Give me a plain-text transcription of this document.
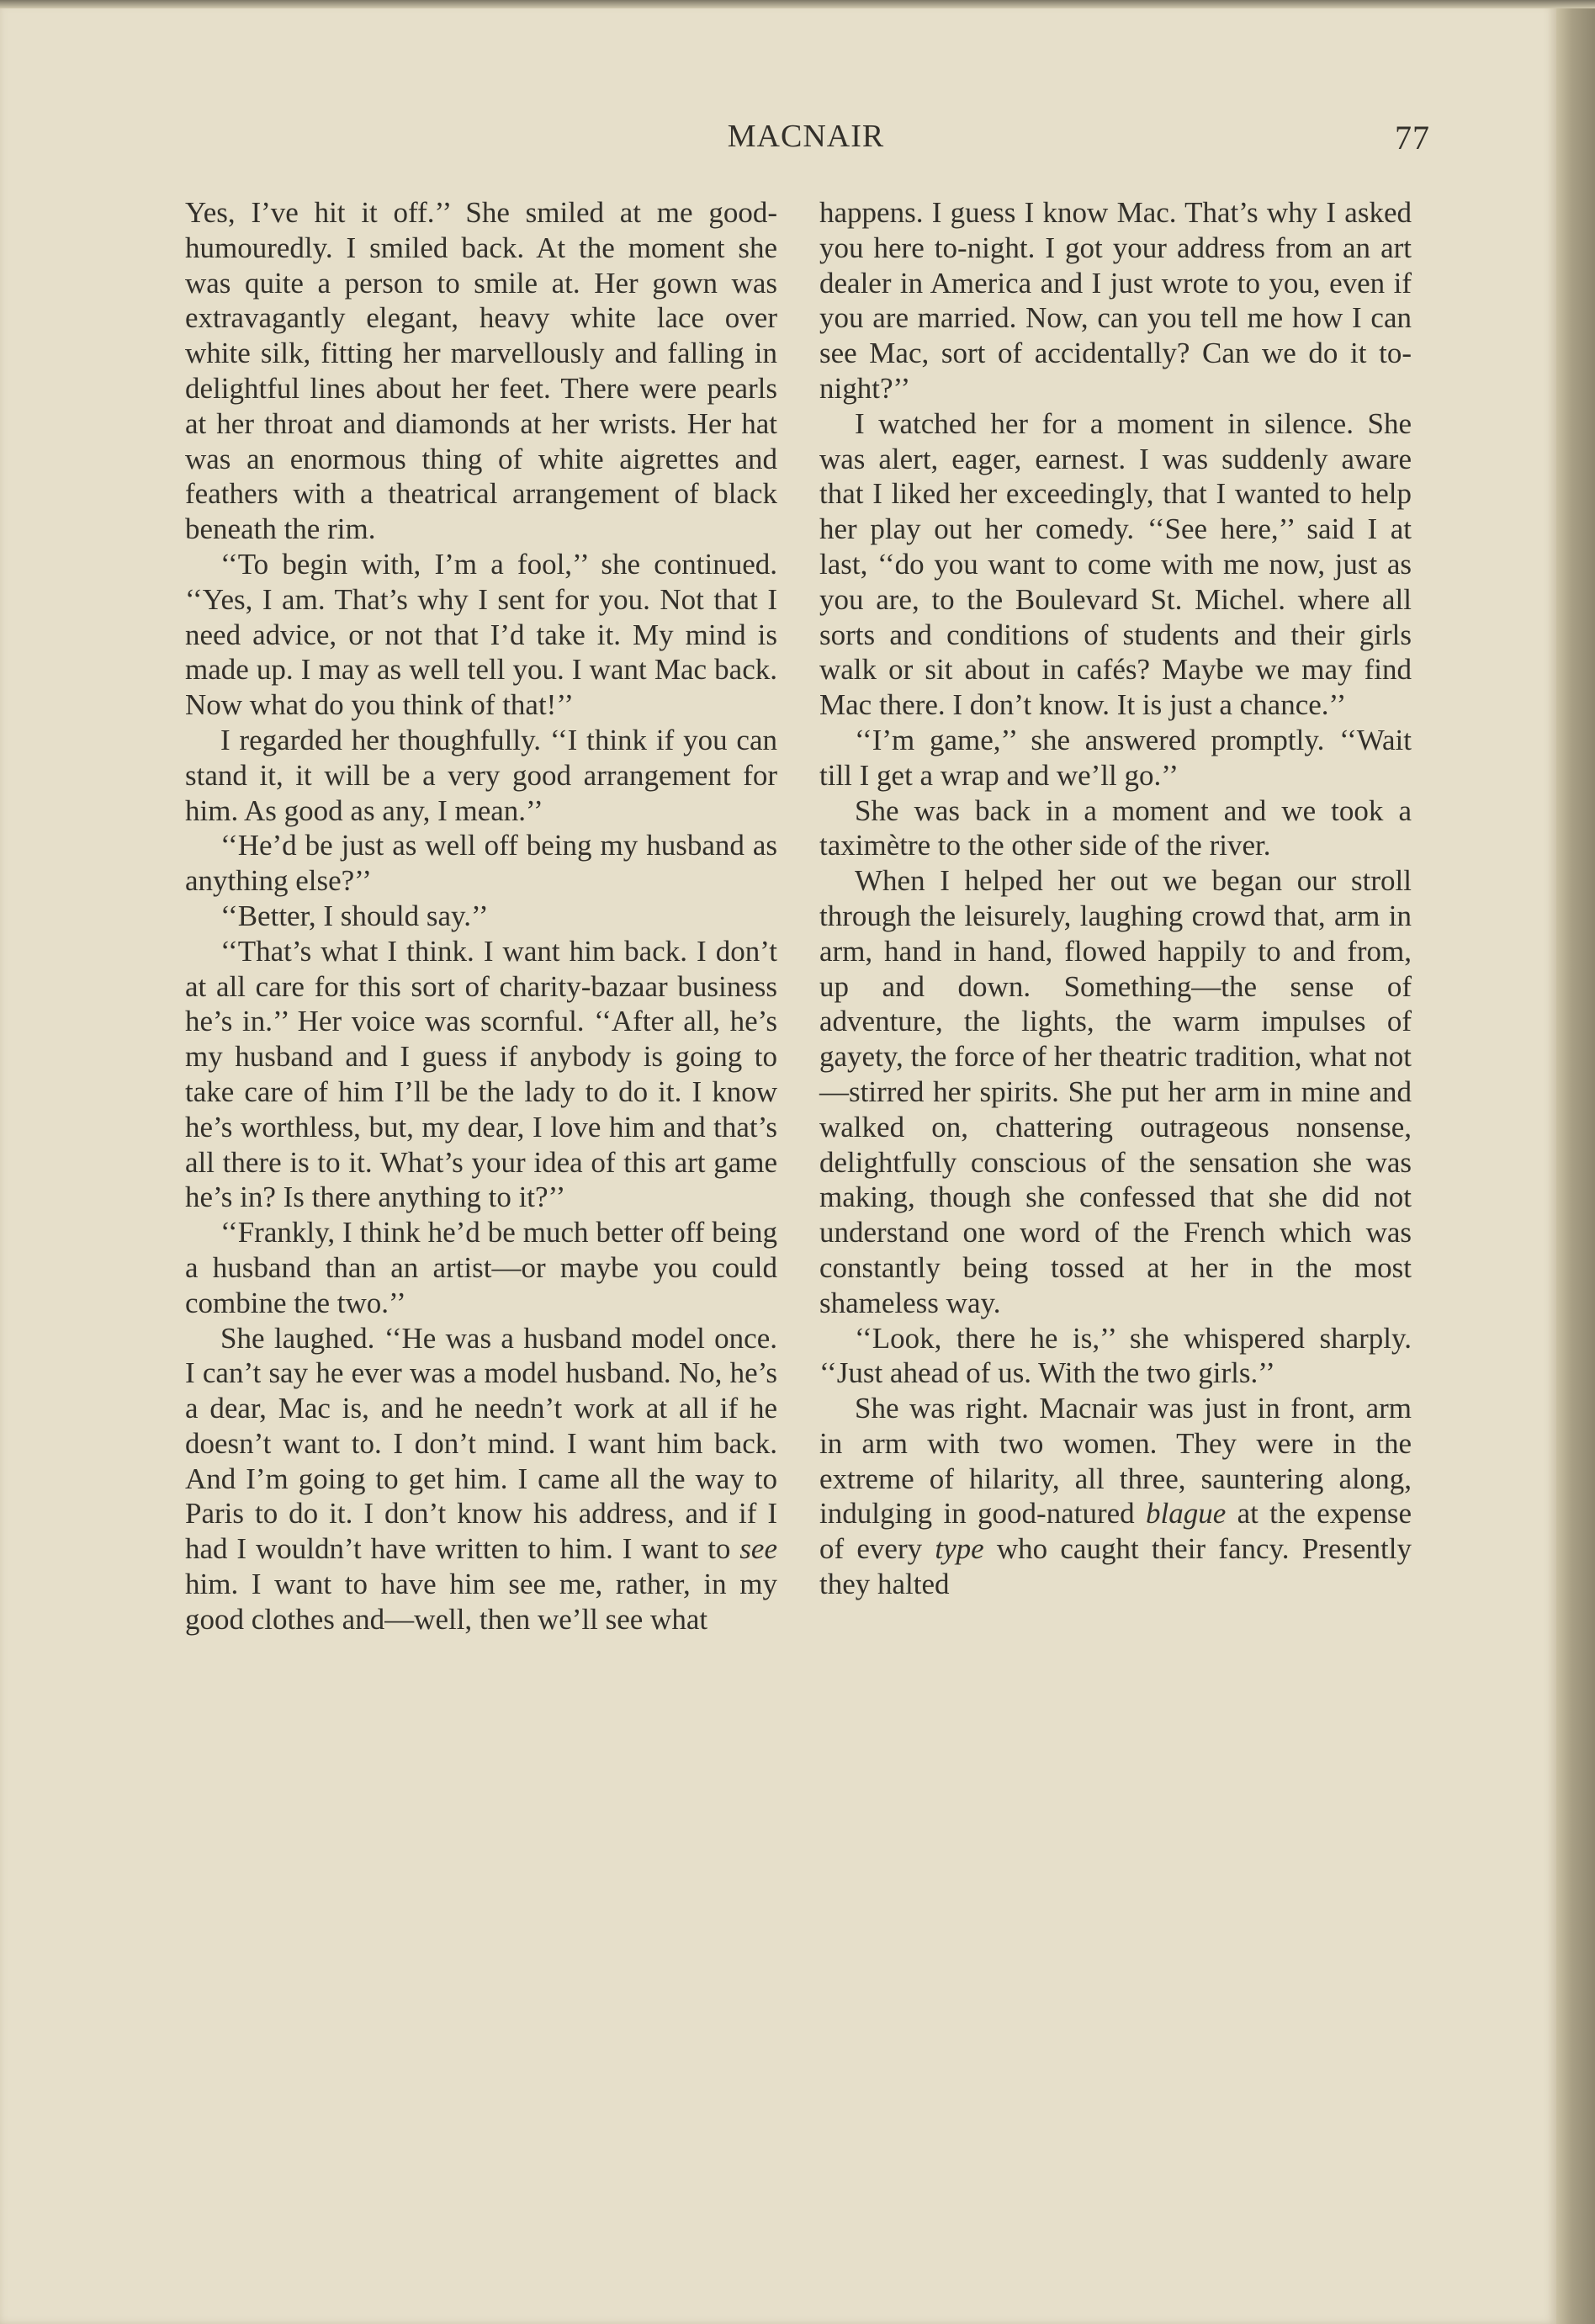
MACNAIR	77

Yes, I’ve hit it off.’’ She smiled at me good-humouredly. I smiled back. At the moment she was quite a person to smile at. Her gown was extravagantly elegant, heavy white lace over white silk, fitting her marvellously and falling in delightful lines about her feet. There were pearls at her throat and diamonds at her wrists. Her hat was an enormous thing of white aigrettes and feathers with a theatrical arrangement of black beneath the rim.

‘‘To begin with, I’m a fool,’’ she continued. ‘‘Yes, I am. That’s why I sent for you. Not that I need advice, or not that I’d take it. My mind is made up. I may as well tell you. I want Mac back. Now what do you think of that!’’

I regarded her thoughfully. ‘‘I think if you can stand it, it will be a very good arrangement for him. As good as any, I mean.’’

‘‘He’d be just as well off being my husband as anything else?’’

‘‘Better, I should say.’’

‘‘That’s what I think. I want him back. I don’t at all care for this sort of charity-bazaar business he’s in.’’ Her voice was scornful. ‘‘After all, he’s my husband and I guess if anybody is going to take care of him I’ll be the lady to do it. I know he’s worthless, but, my dear, I love him and that’s all there is to it. What’s your idea of this art game he’s in? Is there anything to it?’’

‘‘Frankly, I think he’d be much better off being a husband than an artist—or maybe you could combine the two.’’

She laughed. ‘‘He was a husband model once. I can’t say he ever was a model husband. No, he’s a dear, Mac is, and he needn’t work at all if he doesn’t want to. I don’t mind. I want him back. And I’m going to get him. I came all the way to Paris to do it. I don’t know his address, and if I had I wouldn’t have written to him. I want to see him. I want to have him see me, rather, in my good clothes and—well, then we’ll see what

happens. I guess I know Mac. That’s why I asked you here to-night. I got your address from an art dealer in America and I just wrote to you, even if you are married. Now, can you tell me how I can see Mac, sort of accidentally? Can we do it to-night?’’

I watched her for a moment in silence. She was alert, eager, earnest. I was suddenly aware that I liked her exceedingly, that I wanted to help her play out her comedy. ‘‘See here,’’ said I at last, ‘‘do you want to come with me now, just as you are, to the Boulevard St. Michel. where all sorts and conditions of students and their girls walk or sit about in cafés? Maybe we may find Mac there. I don’t know. It is just a chance.’’

‘‘I’m game,’’ she answered promptly. ‘‘Wait till I get a wrap and we’ll go.’’

She was back in a moment and we took a taximètre to the other side of the river.

When I helped her out we began our stroll through the leisurely, laughing crowd that, arm in arm, hand in hand, flowed happily to and from, up and down. Something—the sense of adventure, the lights, the warm impulses of gayety, the force of her theatric tradition, what not—stirred her spirits. She put her arm in mine and walked on, chattering outrageous nonsense, delightfully conscious of the sensation she was making, though she confessed that she did not understand one word of the French which was constantly being tossed at her in the most shameless way.

‘‘Look, there he is,’’ she whispered sharply. ‘‘Just ahead of us. With the two girls.’’

She was right. Macnair was just in front, arm in arm with two women. They were in the extreme of hilarity, all three, sauntering along, indulging in good-natured blague at the expense of every type who caught their fancy. Presently they halted
